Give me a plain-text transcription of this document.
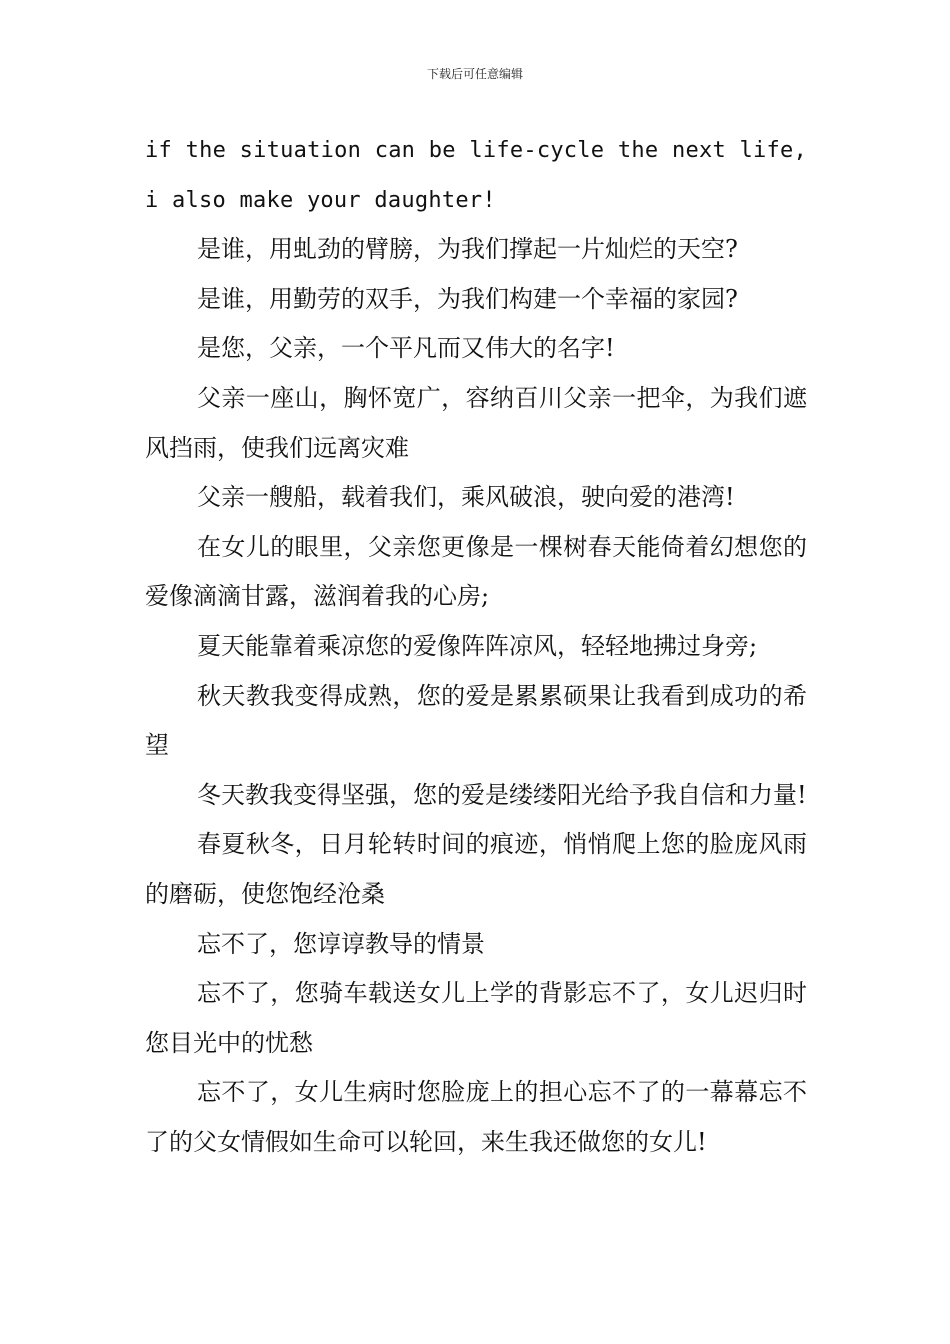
下载后可任意编辑

if the situation can be life-cycle the next life, i also make your daughter!

是谁，用虬劲的臂膀，为我们撑起一片灿烂的天空?

是谁，用勤劳的双手，为我们构建一个幸福的家园?

是您，父亲，一个平凡而又伟大的名字!

父亲一座山，胸怀宽广，容纳百川父亲一把伞，为我们遮风挡雨，使我们远离灾难

父亲一艘船，载着我们，乘风破浪，驶向爱的港湾!

在女儿的眼里，父亲您更像是一棵树春天能倚着幻想您的爱像滴滴甘露，滋润着我的心房;

夏天能靠着乘凉您的爱像阵阵凉风，轻轻地拂过身旁;

秋天教我变得成熟，您的爱是累累硕果让我看到成功的希望

冬天教我变得坚强，您的爱是缕缕阳光给予我自信和力量!

春夏秋冬，日月轮转时间的痕迹，悄悄爬上您的脸庞风雨的磨砺，使您饱经沧桑

忘不了，您谆谆教导的情景

忘不了，您骑车载送女儿上学的背影忘不了，女儿迟归时您目光中的忧愁

忘不了，女儿生病时您脸庞上的担心忘不了的一幕幕忘不了的父女情假如生命可以轮回，来生我还做您的女儿!
